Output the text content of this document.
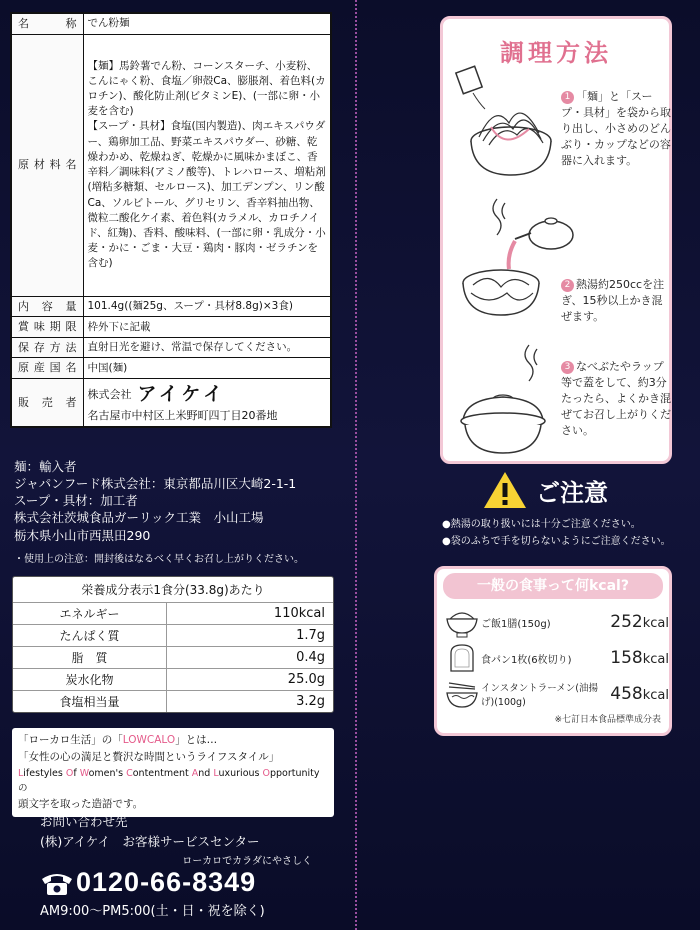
名　　称	でん粉麺
原材料名	【麺】馬鈴薯でん粉、コーンスターチ、小麦粉、こんにゃく粉、食塩／卵殻Ca、膨脹剤、着色料(カロチン)、酸化防止剤(ビタミンE)、(一部に卵・小麦を含む)
【スープ・具材】食塩(国内製造)、肉エキスパウダー、鶏卵加工品、野菜エキスパウダー、砂糖、乾燥わかめ、乾燥ねぎ、乾燥かに風味かまぼこ、香辛料／調味料(アミノ酸等)、トレハロース、増粘剤(増粘多糖類、セルロース)、加工デンプン、リン酸Ca、ソルビトール、グリセリン、香辛料抽出物、微粒二酸化ケイ素、着色料(カラメル、カロチノイド、紅麹)、香料、酸味料、(一部に卵・乳成分・小麦・かに・ごま・大豆・鶏肉・豚肉・ゼラチンを含む)

内 容 量	101.4g((麺25g、スープ・具材8.8g)×3食)
賞味期限	枠外下に記載
保存方法	直射日光を避け、常温で保存してください。
原産国名	中国(麺)
販 売 者	株式会社 アイケイ
名古屋市中村区上米野町四丁目20番地
麺：輸入者
ジャパンフード株式会社：東京都品川区大崎2-1-1
スープ・具材：加工者
株式会社茨城食品ガーリック工業　小山工場
栃木県小山市西黒田290
・使用上の注意：開封後はなるべく早くお召し上がりください。
栄養成分表示1食分(33.8g)あたり
エネルギー	110kcal
たんぱく質	1.7g
脂　質	0.4g
炭水化物	25.0g
食塩相当量	3.2g
「ローカロ生活」の「LOWCALO」とは…
「女性の心の満足と贅沢な時間というライフスタイル」
Lifestyles Of Women's Contentment And Luxurious Opportunityの
頭文字を取った造語です。
お問い合わせ先
(株)アイケイ　お客様サービスセンター
ローカロでカラダにやさしく
0120-66-8349
AM9:00〜PM5:00(土・日・祝を除く)
調理方法
1 「麺」と「スープ・具材」を袋から取り出し、小さめのどんぶり・カップなどの容器に入れます。
2 熱湯約250ccを注ぎ、15秒以上かき混ぜます。
3 なべぶたやラップ等で蓋をして、約3分たったら、よくかき混ぜてお召し上がりください。
ご注意
●熱湯の取り扱いには十分ご注意ください。
●袋のふちで手を切らないようにご注意ください。
一般の食事って何kcal?
ご飯1膳(150g)	252kcal
食パン1枚(6枚切り)	158kcal
インスタントラーメン(油揚げ)(100g)	458kcal
※七訂日本食品標準成分表
